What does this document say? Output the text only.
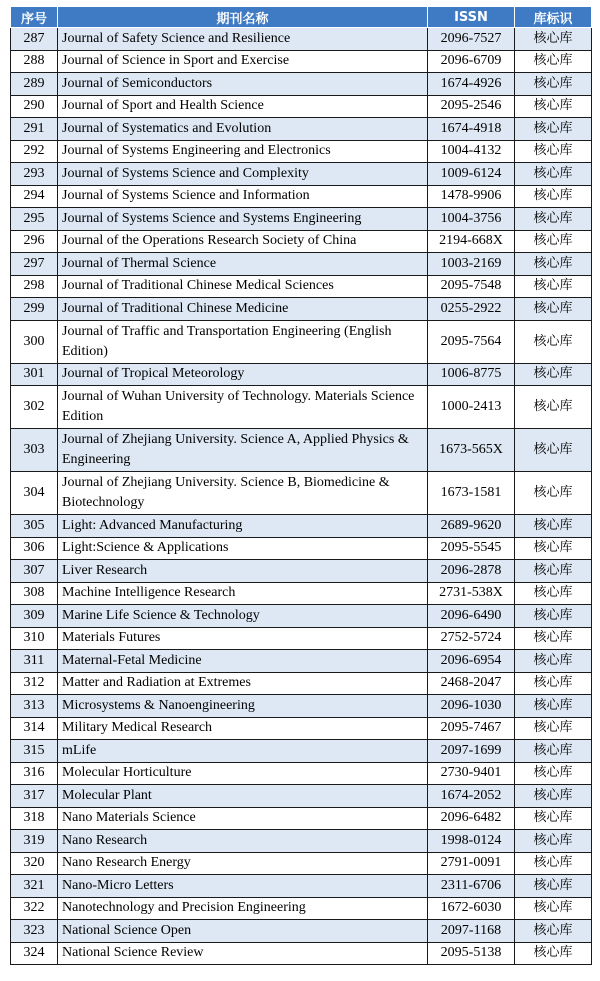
序号	期刊名称	ISSN	库标识
287	Journal of Safety Science and Resilience	2096-7527	核心库
288	Journal of Science in Sport and Exercise	2096-6709	核心库
289	Journal of Semiconductors	1674-4926	核心库
290	Journal of Sport and Health Science	2095-2546	核心库
291	Journal of Systematics and Evolution	1674-4918	核心库
292	Journal of Systems Engineering and Electronics	1004-4132	核心库
293	Journal of Systems Science and Complexity	1009-6124	核心库
294	Journal of Systems Science and Information	1478-9906	核心库
295	Journal of Systems Science and Systems Engineering	1004-3756	核心库
296	Journal of the Operations Research Society of China	2194-668X	核心库
297	Journal of Thermal Science	1003-2169	核心库
298	Journal of Traditional Chinese Medical Sciences	2095-7548	核心库
299	Journal of Traditional Chinese Medicine	0255-2922	核心库
300	Journal of Traffic and Transportation Engineering (English Edition)	2095-7564	核心库
301	Journal of Tropical Meteorology	1006-8775	核心库
302	Journal of Wuhan University of Technology. Materials Science Edition	1000-2413	核心库
303	Journal of Zhejiang University. Science A, Applied Physics & Engineering	1673-565X	核心库
304	Journal of Zhejiang University. Science B, Biomedicine & Biotechnology	1673-1581	核心库
305	Light: Advanced Manufacturing	2689-9620	核心库
306	Light:Science & Applications	2095-5545	核心库
307	Liver Research	2096-2878	核心库
308	Machine Intelligence Research	2731-538X	核心库
309	Marine Life Science & Technology	2096-6490	核心库
310	Materials Futures	2752-5724	核心库
311	Maternal-Fetal Medicine	2096-6954	核心库
312	Matter and Radiation at Extremes	2468-2047	核心库
313	Microsystems & Nanoengineering	2096-1030	核心库
314	Military Medical Research	2095-7467	核心库
315	mLife	2097-1699	核心库
316	Molecular Horticulture	2730-9401	核心库
317	Molecular Plant	1674-2052	核心库
318	Nano Materials Science	2096-6482	核心库
319	Nano Research	1998-0124	核心库
320	Nano Research Energy	2791-0091	核心库
321	Nano-Micro Letters	2311-6706	核心库
322	Nanotechnology and Precision Engineering	1672-6030	核心库
323	National Science Open	2097-1168	核心库
324	National Science Review	2095-5138	核心库
